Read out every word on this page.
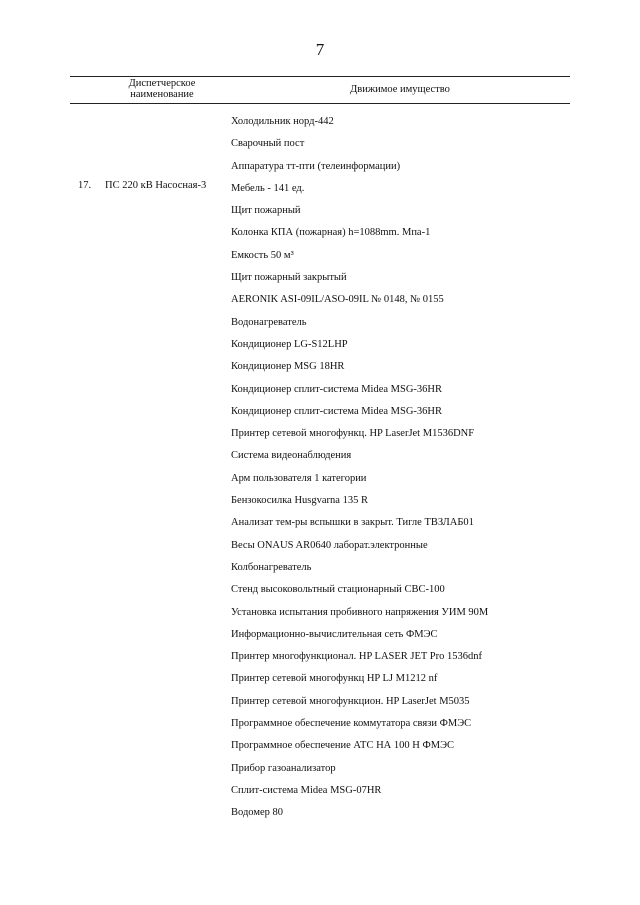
7
Диспетчерское
наименование	Движимое имущество
17. ПС 220 кВ Насосная-3
Холодильник норд-442
Сварочный пост
Аппаратура тт-пти (телеинформации)
Мебель - 141 ед.
Щит пожарный
Колонка КПА (пожарная) h=1088mm. Мпа-1
Емкость 50 м³
Щит пожарный закрытый
AERONIK ASI-09IL/ASO-09IL № 0148, № 0155
Водонагреватель
Кондиционер LG-S12LHP
Кондиционер MSG 18HR
Кондиционер сплит-система Midea MSG-36HR
Кондиционер сплит-система Midea MSG-36HR
Принтер сетевой многофункц. HP LaserJet M1536DNF
Система видеонаблюдения
Арм пользователя 1 категории
Бензокосилка Husgvarna 135 R
Анализат тем-ры вспышки в закрыт. Тигле ТВЗЛАБ01
Весы ONAUS AR0640 лаборат.электронные
Колбонагреватель
Стенд высоковольтный стационарный СВС-100
Установка испытания пробивного напряжения УИМ 90М
Информационно-вычислительная сеть ФМЭС
Принтер многофункционал. HP LASER JET Pro 1536dnf
Принтер сетевой многофункц HP LJ M1212 nf
Принтер сетевой многофункцион. HP LaserJet M5035
Программное обеспечение коммутатора связи ФМЭС
Программное обеспечение АТС НА 100 Н ФМЭС
Прибор газоанализатор
Сплит-система Midea MSG-07HR
Водомер 80
